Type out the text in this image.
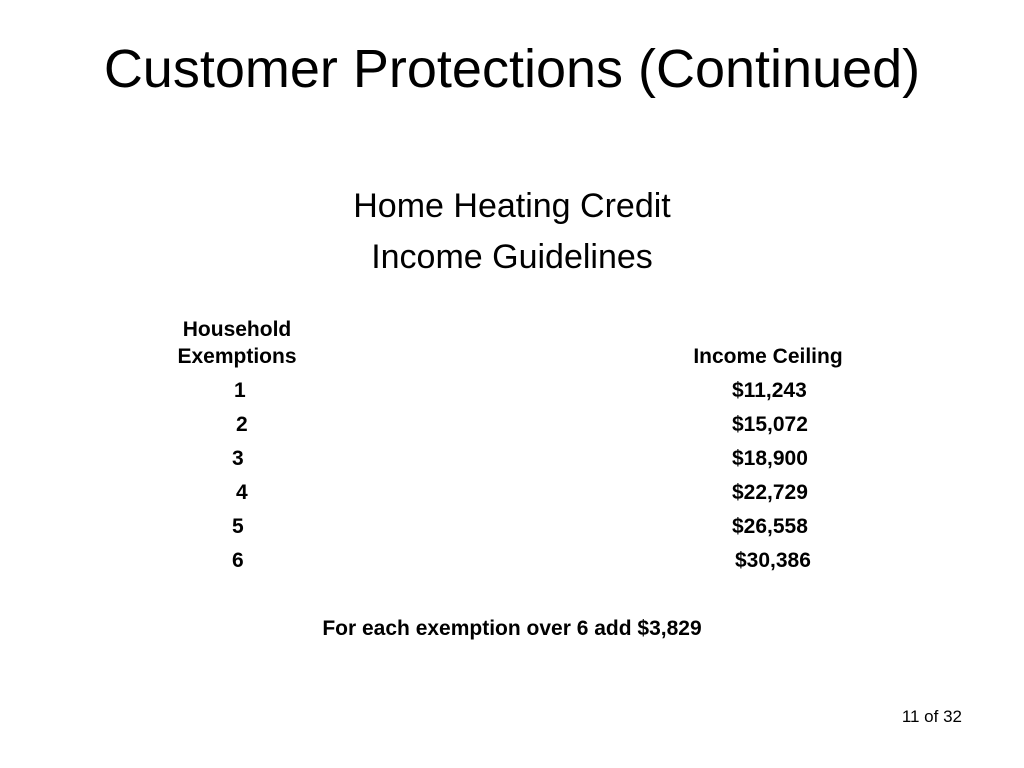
Customer Protections (Continued)
Home Heating Credit
Income Guidelines
Household
Exemptions	Income Ceiling
1
2
3
4
5
6
$11,243
$15,072
$18,900
$22,729
$26,558
$30,386
For each exemption over 6 add $3,829
11 of 32
